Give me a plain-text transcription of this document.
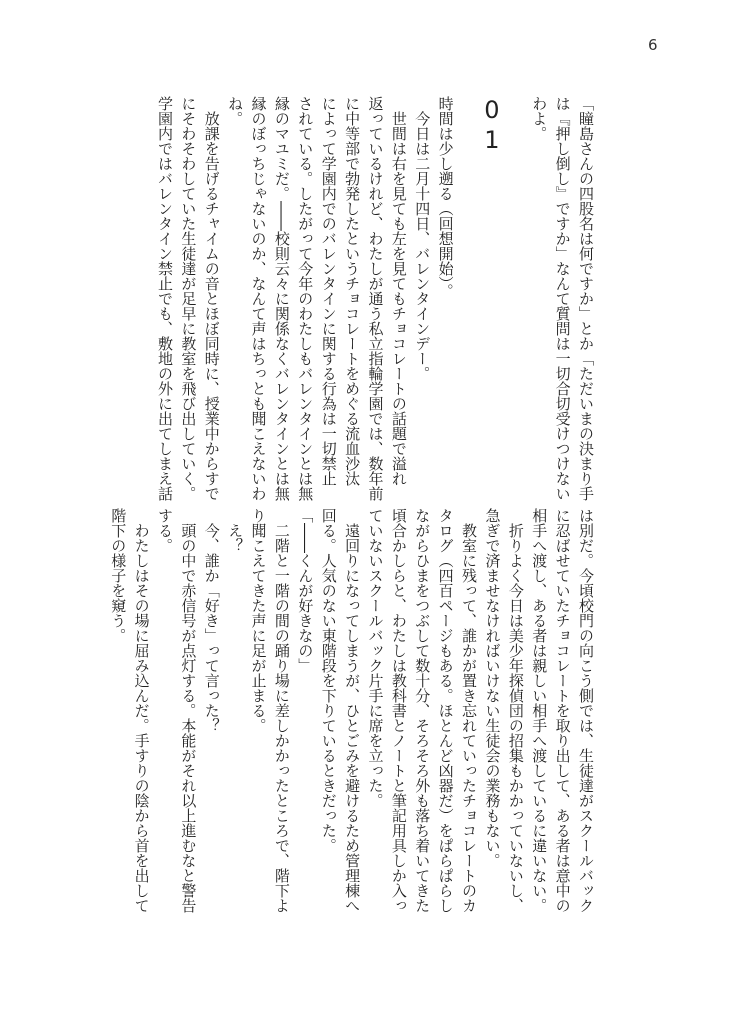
6
「瞳島さんの四股名は何ですか」とか「ただいまの決まり手
は『押し倒し』ですか」なんて質問は一切合切受けつけない
わよ。
01
時間は少し遡る（回想開始）。
　今日は二月十四日、バレンタインデー。
　世間は右を見ても左を見てもチョコレートの話題で溢れ
返っているけれど、わたしが通う私立指輪学園では、数年前
に中等部で勃発したというチョコレートをめぐる流血沙汰
によって学園内でのバレンタインに関する行為は一切禁止
されている。したがって今年のわたしもバレンタインとは無
縁のマユミだ。――校則云々に関係なくバレンタインとは無
縁のぼっちじゃないのか、なんて声はちっとも聞こえないわ
ね。
　放課を告げるチャイムの音とほぼ同時に、授業中からすで
にそわそわしていた生徒達が足早に教室を飛び出していく。
学園内ではバレンタイン禁止でも、敷地の外に出てしまえ話
は別だ。今頃校門の向こう側では、生徒達がスクールバック
に忍ばせていたチョコレートを取り出して、ある者は意中の
相手へ渡し、ある者は親しい相手へ渡しているに違いない。
　折りよく今日は美少年探偵団の招集もかかっていないし、
急ぎで済ませなければいけない生徒会の業務もない。
　教室に残って、誰かが置き忘れていったチョコレートのカ
タログ（四百ページもある。ほとんど凶器だ）をぱらぱらし
ながらひまをつぶして数十分、そろそろ外も落ち着いてきた
頃合かしらと、わたしは教科書とノートと筆記用具しか入っ
ていないスクールバック片手に席を立った。
　遠回りになってしまうが、ひとごみを避けるため管理棟へ
回る。人気のない東階段を下りているときだった。
「――くんが好きなの」
　二階と一階の間の踊り場に差しかかったところで、階下よ
り聞こえてきた声に足が止まる。
　え？
　今、誰か「好き」って言った？
　頭の中で赤信号が点灯する。本能がそれ以上進むなと警告
する。
　わたしはその場に屈み込んだ。手すりの陰から首を出して
階下の様子を窺う。
